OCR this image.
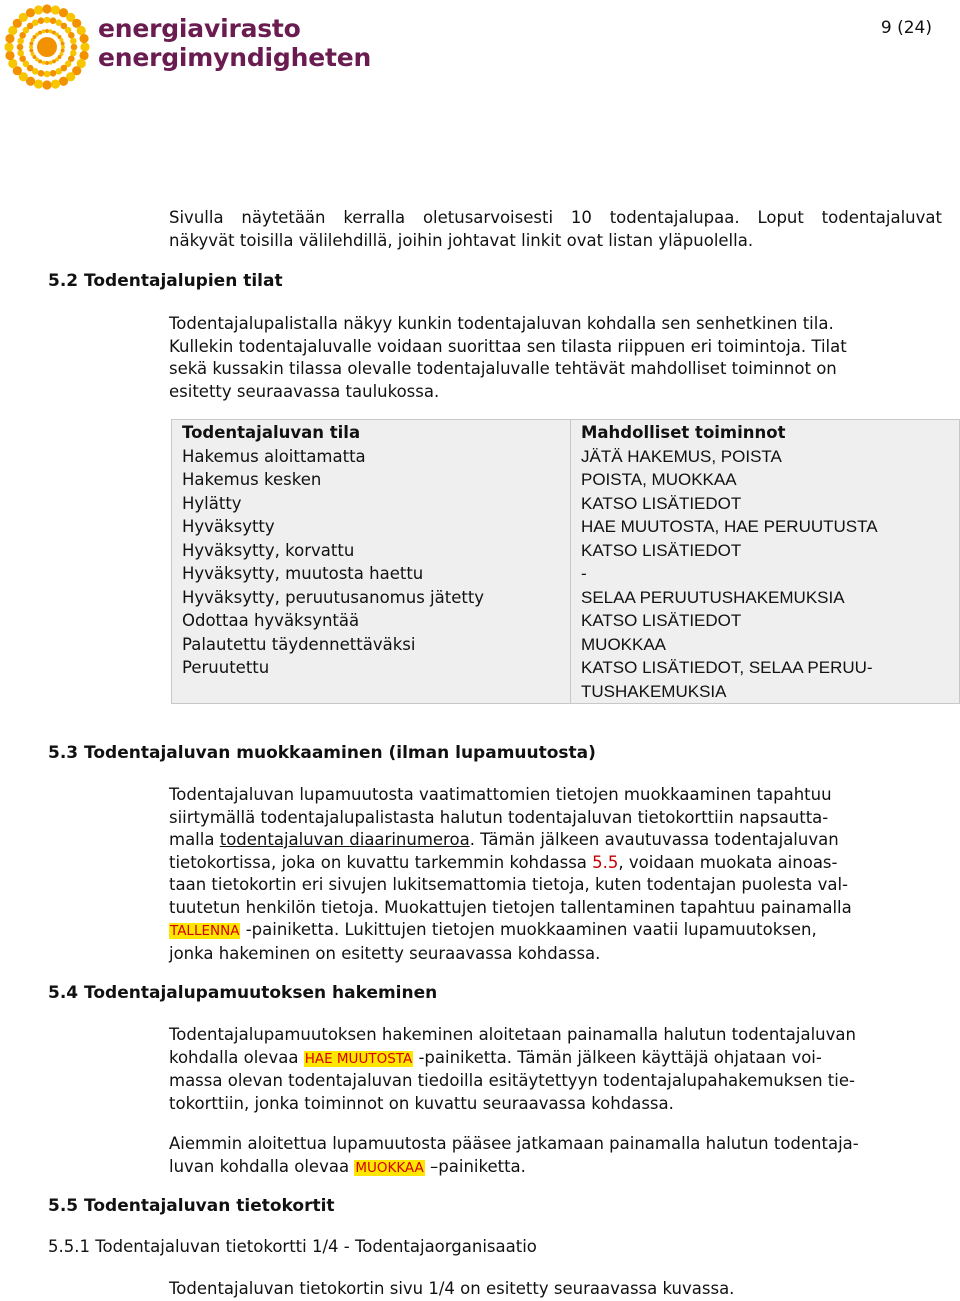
energiavirasto
energimyndigheten
9 (24)
Sivulla näytetään kerralla oletusarvoisesti 10 todentajalupaa. Loput todentajaluvat
näkyvät toisilla välilehdillä, joihin johtavat linkit ovat listan yläpuolella.
5.2 Todentajalupien tilat
Todentajalupalistalla näkyy kunkin todentajaluvan kohdalla sen senhetkinen tila.
Kullekin todentajaluvalle voidaan suorittaa sen tilasta riippuen eri toimintoja. Tilat
sekä kussakin tilassa olevalle todentajaluvalle tehtävät mahdolliset toiminnot on
esitetty seuraavassa taulukossa.
Todentajaluvan tila	Mahdolliset toiminnot
Hakemus aloittamatta	JÄTÄ HAKEMUS, POISTA
Hakemus kesken	POISTA, MUOKKAA
Hylätty	KATSO LISÄTIEDOT
Hyväksytty	HAE MUUTOSTA, HAE PERUUTUSTA
Hyväksytty, korvattu	KATSO LISÄTIEDOT
Hyväksytty, muutosta haettu	-
Hyväksytty, peruutusanomus jätetty	SELAA PERUUTUSHAKEMUKSIA
Odottaa hyväksyntää	KATSO LISÄTIEDOT
Palautettu täydennettäväksi	MUOKKAA
Peruutettu	KATSO LISÄTIEDOT, SELAA PERUU-
TUSHAKEMUKSIA
5.3 Todentajaluvan muokkaaminen (ilman lupamuutosta)
Todentajaluvan lupamuutosta vaatimattomien tietojen muokkaaminen tapahtuu
siirtymällä todentajalupalistasta halutun todentajaluvan tietokorttiin napsautta-
malla todentajaluvan diaarinumeroa. Tämän jälkeen avautuvassa todentajaluvan
tietokortissa, joka on kuvattu tarkemmin kohdassa 5.5, voidaan muokata ainoas-
taan tietokortin eri sivujen lukitsemattomia tietoja, kuten todentajan puolesta val-
tuutetun henkilön tietoja. Muokattujen tietojen tallentaminen tapahtuu painamalla
TALLENNA -painiketta. Lukittujen tietojen muokkaaminen vaatii lupamuutoksen,
jonka hakeminen on esitetty seuraavassa kohdassa.
5.4 Todentajalupamuutoksen hakeminen
Todentajalupamuutoksen hakeminen aloitetaan painamalla halutun todentajaluvan
kohdalla olevaa HAE MUUTOSTA -painiketta. Tämän jälkeen käyttäjä ohjataan voi-
massa olevan todentajaluvan tiedoilla esitäytettyyn todentajalupahakemuksen tie-
tokorttiin, jonka toiminnot on kuvattu seuraavassa kohdassa.
Aiemmin aloitettua lupamuutosta pääsee jatkamaan painamalla halutun todentaja-
luvan kohdalla olevaa MUOKKAA –painiketta.
5.5 Todentajaluvan tietokortit
5.5.1 Todentajaluvan tietokortti 1/4 - Todentajaorganisaatio
Todentajaluvan tietokortin sivu 1/4 on esitetty seuraavassa kuvassa.
